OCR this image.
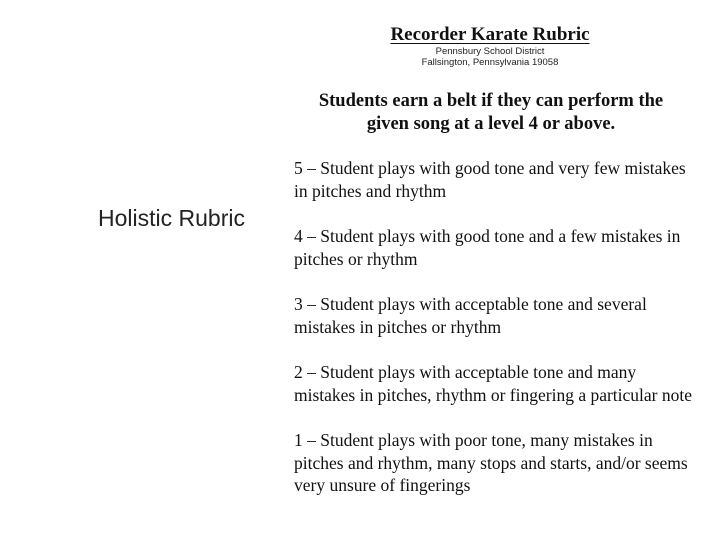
Holistic Rubric
Recorder Karate Rubric
Pennsbury School District
Fallsington, Pennsylvania 19058
Students earn a belt if they can perform the given song at a level 4 or above.
5 – Student plays with good tone and very few mistakes in pitches and rhythm
4 – Student plays with good tone and a few mistakes in pitches or rhythm
3 – Student plays with acceptable tone and several mistakes in pitches or rhythm
2 – Student plays with acceptable tone and many mistakes in pitches, rhythm or fingering a particular note
1 – Student plays with poor tone, many mistakes in pitches and rhythm, many stops and starts, and/or seems very unsure of fingerings
